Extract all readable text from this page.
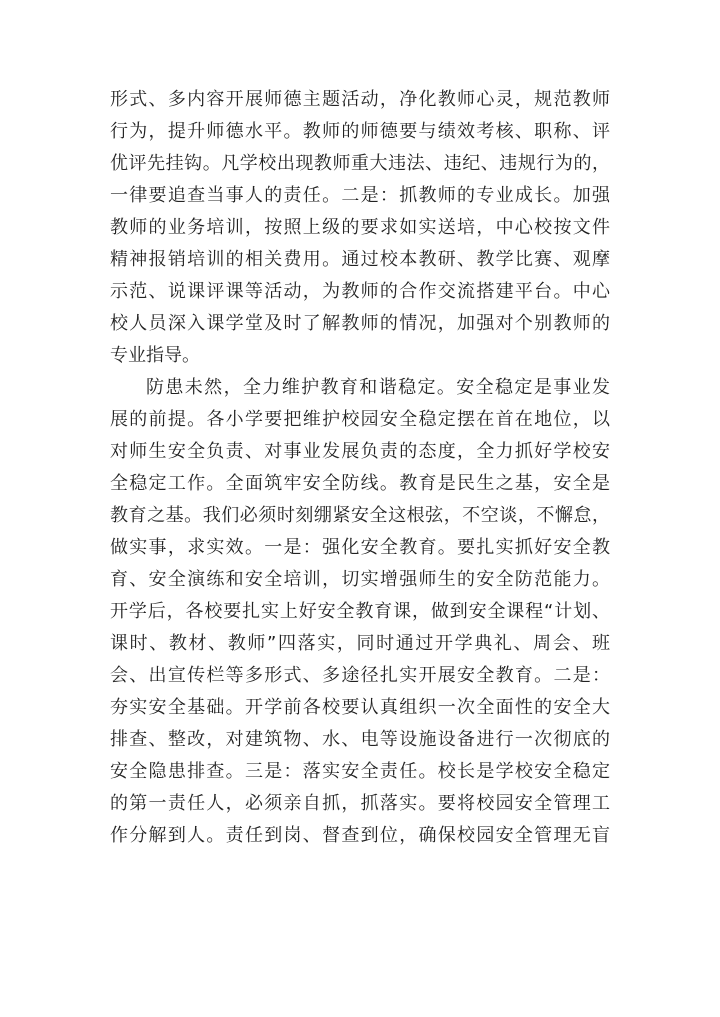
形式、多内容开展师德主题活动，净化教师心灵，规范教师
行为，提升师德水平。教师的师德要与绩效考核、职称、评
优评先挂钩。凡学校出现教师重大违法、违纪、违规行为的，
一律要追查当事人的责任。二是：抓教师的专业成长。加强
教师的业务培训，按照上级的要求如实送培，中心校按文件
精神报销培训的相关费用。通过校本教研、教学比赛、观摩
示范、说课评课等活动，为教师的合作交流搭建平台。中心
校人员深入课学堂及时了解教师的情况，加强对个别教师的
专业指导。
防患未然，全力维护教育和谐稳定。安全稳定是事业发
展的前提。各小学要把维护校园安全稳定摆在首在地位，以
对师生安全负责、对事业发展负责的态度，全力抓好学校安
全稳定工作。全面筑牢安全防线。教育是民生之基，安全是
教育之基。我们必须时刻绷紧安全这根弦，不空谈，不懈怠，
做实事，求实效。一是：强化安全教育。要扎实抓好安全教
育、安全演练和安全培训，切实增强师生的安全防范能力。
开学后，各校要扎实上好安全教育课，做到安全课程“计划、
课时、教材、教师”四落实，同时通过开学典礼、周会、班
会、出宣传栏等多形式、多途径扎实开展安全教育。二是：
夯实安全基础。开学前各校要认真组织一次全面性的安全大
排查、整改，对建筑物、水、电等设施设备进行一次彻底的
安全隐患排查。三是：落实安全责任。校长是学校安全稳定
的第一责任人，必须亲自抓，抓落实。要将校园安全管理工
作分解到人。责任到岗、督查到位，确保校园安全管理无盲
